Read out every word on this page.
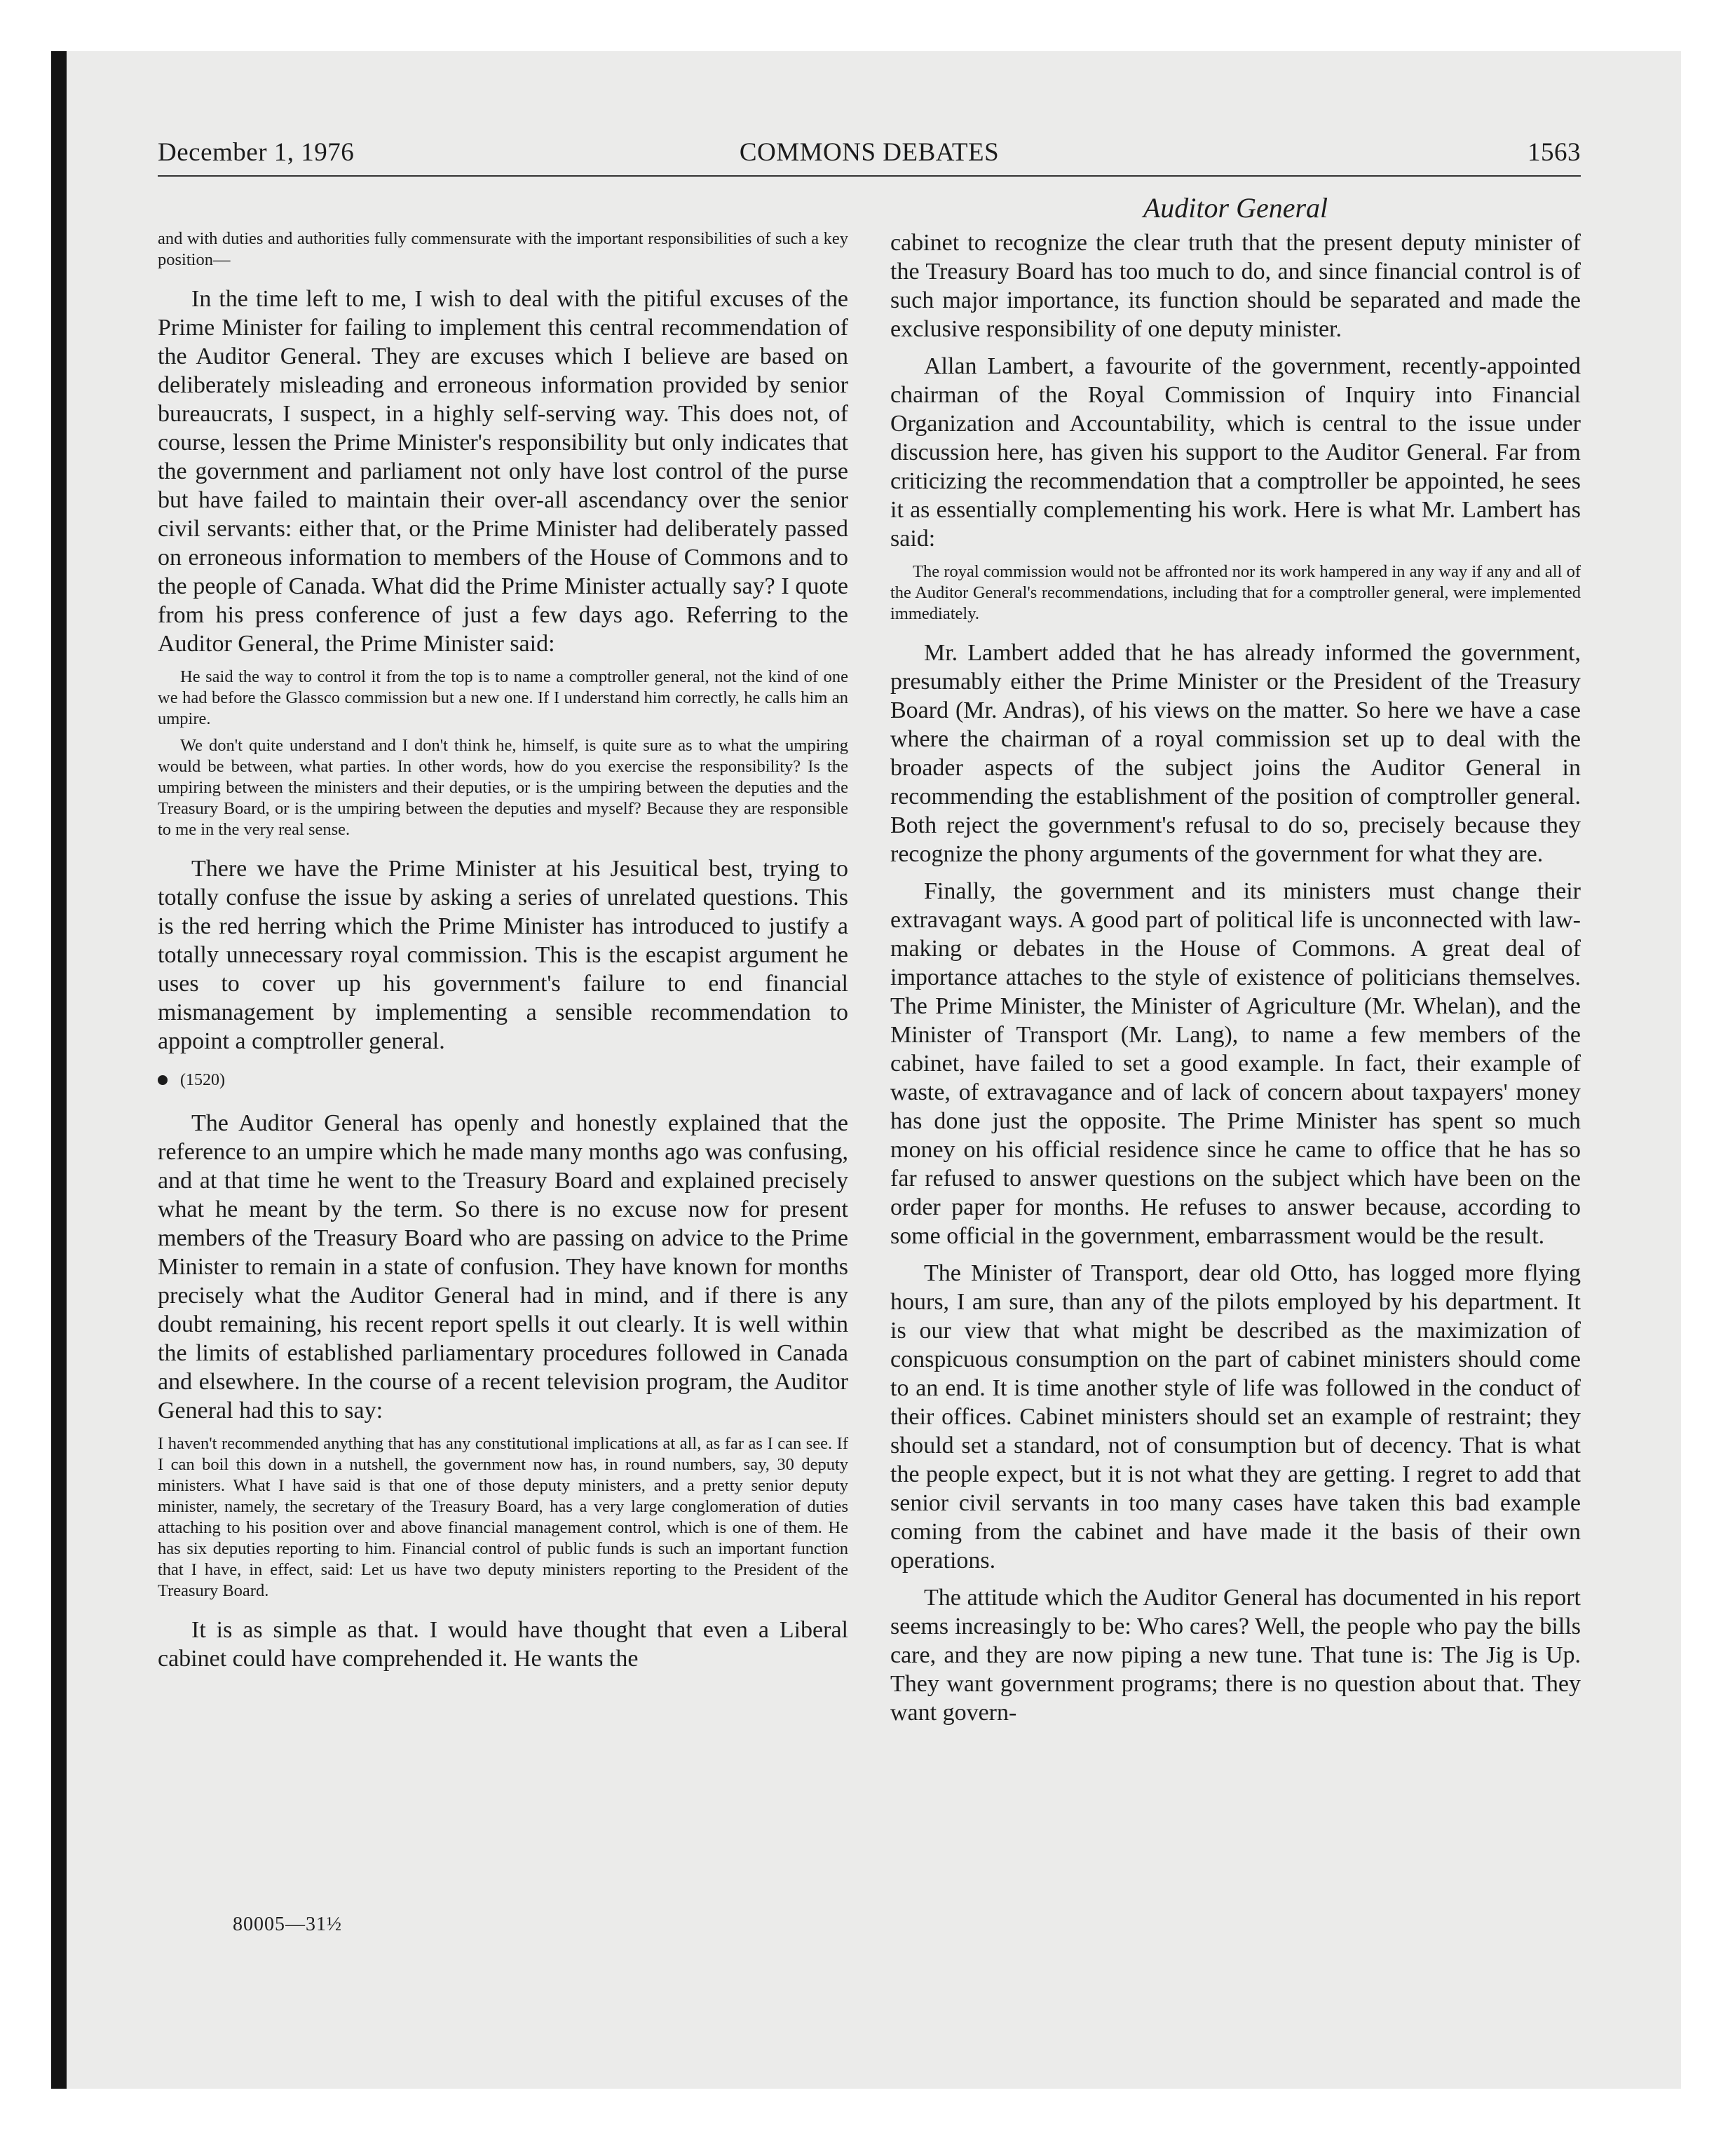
December 1, 1976	COMMONS DEBATES	1563
Auditor General

and with duties and authorities fully commensurate with the important responsibilities of such a key position—

In the time left to me, I wish to deal with the pitiful excuses of the Prime Minister for failing to implement this central recommendation of the Auditor General. They are excuses which I believe are based on deliberately misleading and erroneous information provided by senior bureaucrats, I suspect, in a highly self-serving way. This does not, of course, lessen the Prime Minister's responsibility but only indicates that the government and parliament not only have lost control of the purse but have failed to maintain their over-all ascendancy over the senior civil servants: either that, or the Prime Minister had deliberately passed on erroneous information to members of the House of Commons and to the people of Canada. What did the Prime Minister actually say? I quote from his press conference of just a few days ago. Referring to the Auditor General, the Prime Minister said:

He said the way to control it from the top is to name a comptroller general, not the kind of one we had before the Glassco commission but a new one. If I understand him correctly, he calls him an umpire.

We don't quite understand and I don't think he, himself, is quite sure as to what the umpiring would be between, what parties. In other words, how do you exercise the responsibility? Is the umpiring between the ministers and their deputies, or is the umpiring between the deputies and the Treasury Board, or is the umpiring between the deputies and myself? Because they are responsible to me in the very real sense.

There we have the Prime Minister at his Jesuitical best, trying to totally confuse the issue by asking a series of unrelated questions. This is the red herring which the Prime Minister has introduced to justify a totally unnecessary royal commission. This is the escapist argument he uses to cover up his government's failure to end financial mismanagement by implementing a sensible recommendation to appoint a comptroller general.

(1520)

The Auditor General has openly and honestly explained that the reference to an umpire which he made many months ago was confusing, and at that time he went to the Treasury Board and explained precisely what he meant by the term. So there is no excuse now for present members of the Treasury Board who are passing on advice to the Prime Minister to remain in a state of confusion. They have known for months precisely what the Auditor General had in mind, and if there is any doubt remaining, his recent report spells it out clearly. It is well within the limits of established parliamentary procedures followed in Canada and elsewhere. In the course of a recent television program, the Auditor General had this to say:

I haven't recommended anything that has any constitutional implications at all, as far as I can see. If I can boil this down in a nutshell, the government now has, in round numbers, say, 30 deputy ministers. What I have said is that one of those deputy ministers, and a pretty senior deputy minister, namely, the secretary of the Treasury Board, has a very large conglomeration of duties attaching to his position over and above financial management control, which is one of them. He has six deputies reporting to him. Financial control of public funds is such an important function that I have, in effect, said: Let us have two deputy ministers reporting to the President of the Treasury Board.

It is as simple as that. I would have thought that even a Liberal cabinet could have comprehended it. He wants the

cabinet to recognize the clear truth that the present deputy minister of the Treasury Board has too much to do, and since financial control is of such major importance, its function should be separated and made the exclusive responsibility of one deputy minister.

Allan Lambert, a favourite of the government, recently-appointed chairman of the Royal Commission of Inquiry into Financial Organization and Accountability, which is central to the issue under discussion here, has given his support to the Auditor General. Far from criticizing the recommendation that a comptroller be appointed, he sees it as essentially complementing his work. Here is what Mr. Lambert has said:

The royal commission would not be affronted nor its work hampered in any way if any and all of the Auditor General's recommendations, including that for a comptroller general, were implemented immediately.

Mr. Lambert added that he has already informed the government, presumably either the Prime Minister or the President of the Treasury Board (Mr. Andras), of his views on the matter. So here we have a case where the chairman of a royal commission set up to deal with the broader aspects of the subject joins the Auditor General in recommending the establishment of the position of comptroller general. Both reject the government's refusal to do so, precisely because they recognize the phony arguments of the government for what they are.

Finally, the government and its ministers must change their extravagant ways. A good part of political life is unconnected with law-making or debates in the House of Commons. A great deal of importance attaches to the style of existence of politicians themselves. The Prime Minister, the Minister of Agriculture (Mr. Whelan), and the Minister of Transport (Mr. Lang), to name a few members of the cabinet, have failed to set a good example. In fact, their example of waste, of extravagance and of lack of concern about taxpayers' money has done just the opposite. The Prime Minister has spent so much money on his official residence since he came to office that he has so far refused to answer questions on the subject which have been on the order paper for months. He refuses to answer because, according to some official in the government, embarrassment would be the result.

The Minister of Transport, dear old Otto, has logged more flying hours, I am sure, than any of the pilots employed by his department. It is our view that what might be described as the maximization of conspicuous consumption on the part of cabinet ministers should come to an end. It is time another style of life was followed in the conduct of their offices. Cabinet ministers should set an example of restraint; they should set a standard, not of consumption but of decency. That is what the people expect, but it is not what they are getting. I regret to add that senior civil servants in too many cases have taken this bad example coming from the cabinet and have made it the basis of their own operations.

The attitude which the Auditor General has documented in his report seems increasingly to be: Who cares? Well, the people who pay the bills care, and they are now piping a new tune. That tune is: The Jig is Up. They want government programs; there is no question about that. They want govern-

80005—31½
